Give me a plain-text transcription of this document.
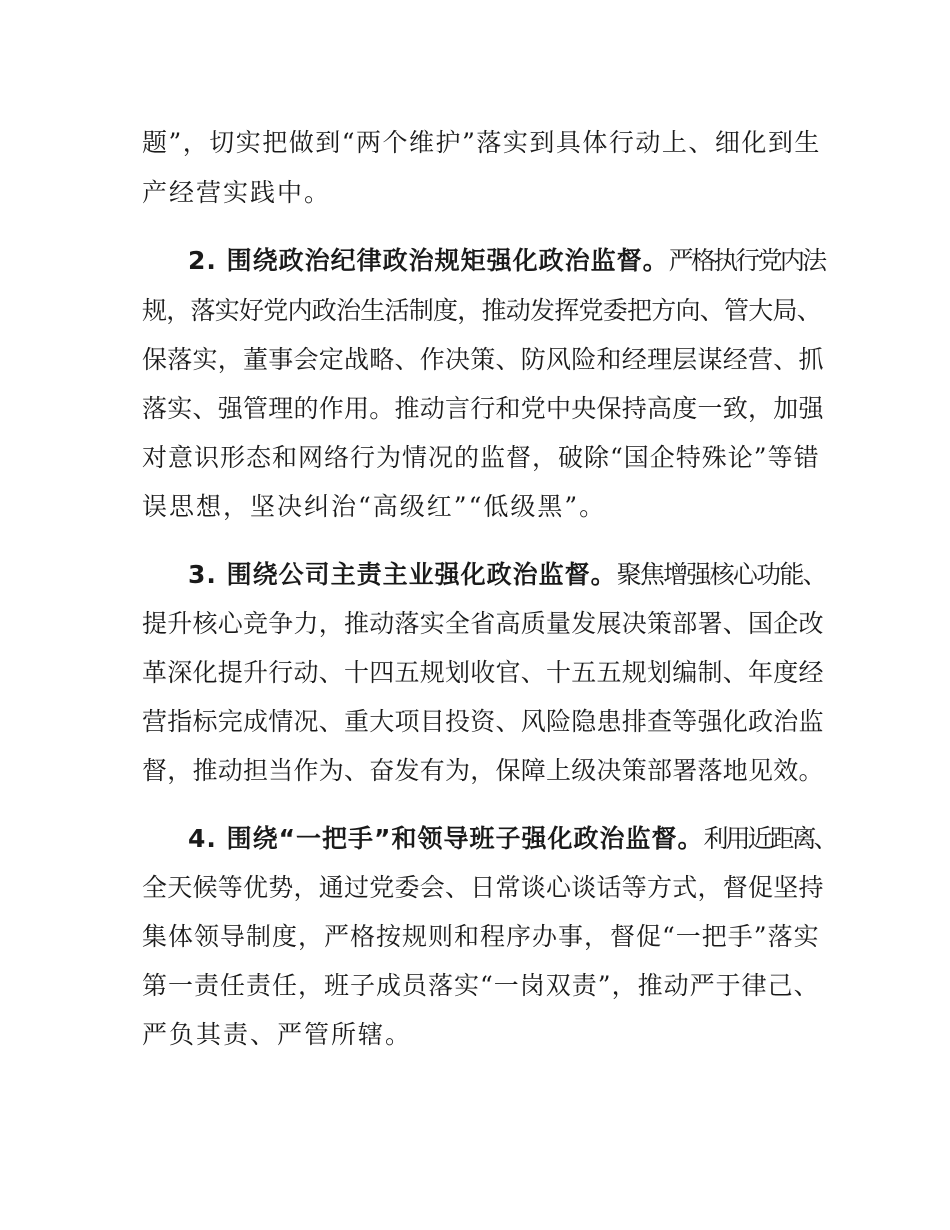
题”，切实把做到“两个维护”落实到具体行动上、细化到生
产经营实践中。
2. 围绕政治纪律政治规矩强化政治监督。严格执行党内法
规，落实好党内政治生活制度，推动发挥党委把方向、管大局、
保落实，董事会定战略、作决策、防风险和经理层谋经营、抓
落实、强管理的作用。推动言行和党中央保持高度一致，加强
对意识形态和网络行为情况的监督，破除“国企特殊论”等错
误思想，坚决纠治“高级红”“低级黑”。
3. 围绕公司主责主业强化政治监督。聚焦增强核心功能、
提升核心竞争力，推动落实全省高质量发展决策部署、国企改
革深化提升行动、十四五规划收官、十五五规划编制、年度经
营指标完成情况、重大项目投资、风险隐患排查等强化政治监
督，推动担当作为、奋发有为，保障上级决策部署落地见效。
4. 围绕“一把手”和领导班子强化政治监督。利用近距离、
全天候等优势，通过党委会、日常谈心谈话等方式，督促坚持
集体领导制度，严格按规则和程序办事，督促“一把手”落实
第一责任责任，班子成员落实“一岗双责”，推动严于律己、
严负其责、严管所辖。
